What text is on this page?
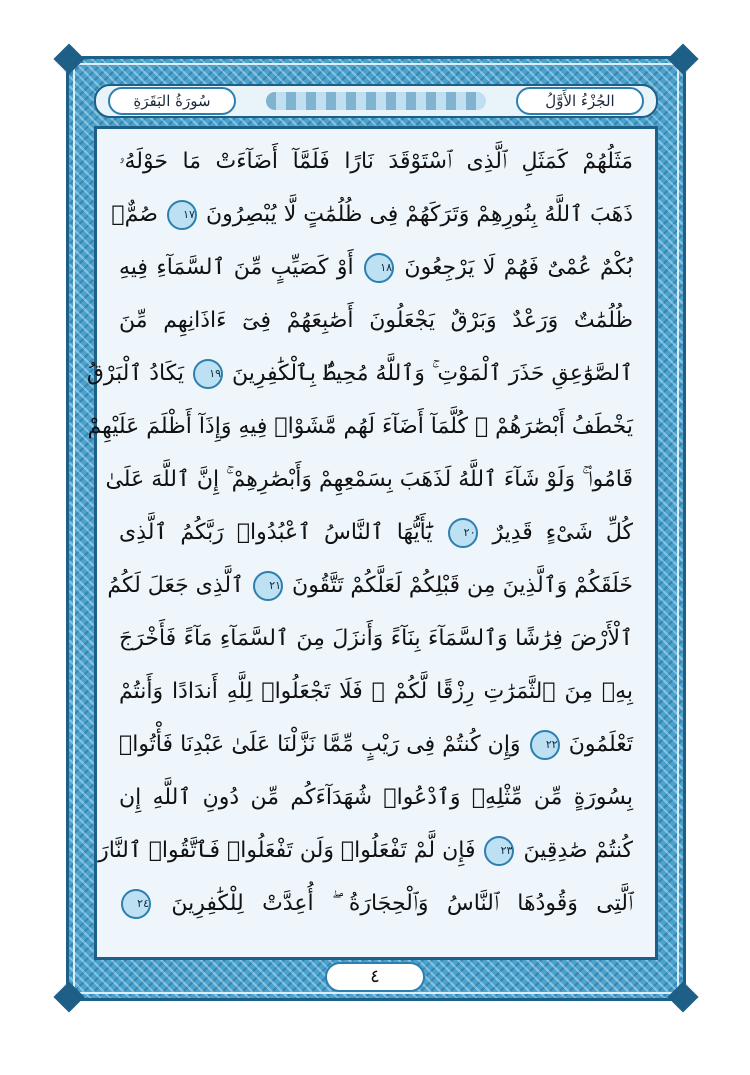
الجُزْءُ الأَوَّلُ
سُورَةُ البَقَرَةِ
مَثَلُهُمْ كَمَثَلِ ٱلَّذِى ٱسْتَوْقَدَ نَارًا فَلَمَّآ أَضَآءَتْ مَا حَوْلَهُۥ
ذَهَبَ ٱللَّهُ بِنُورِهِمْ وَتَرَكَهُمْ فِى ظُلُمَٰتٍ لَّا يُبْصِرُونَ ١٧ صُمٌّۢ
بُكْمٌ عُمْىٌ فَهُمْ لَا يَرْجِعُونَ ١٨ أَوْ كَصَيِّبٍ مِّنَ ٱلسَّمَآءِ فِيهِ
ظُلُمَٰتٌ وَرَعْدٌ وَبَرْقٌ يَجْعَلُونَ أَصَٰبِعَهُمْ فِىٓ ءَاذَانِهِم مِّنَ
ٱلصَّوَٰعِقِ حَذَرَ ٱلْمَوْتِ ۚ وَٱللَّهُ مُحِيطٌۢ بِٱلْكَٰفِرِينَ ١٩ يَكَادُ ٱلْبَرْقُ
يَخْطَفُ أَبْصَٰرَهُمْ ۖ كُلَّمَآ أَضَآءَ لَهُم مَّشَوْا۟ فِيهِ وَإِذَآ أَظْلَمَ عَلَيْهِمْ
قَامُوا۟ ۚ وَلَوْ شَآءَ ٱللَّهُ لَذَهَبَ بِسَمْعِهِمْ وَأَبْصَٰرِهِمْ ۚ إِنَّ ٱللَّهَ عَلَىٰ
كُلِّ شَىْءٍ قَدِيرٌ ٢٠ يَٰٓأَيُّهَا ٱلنَّاسُ ٱعْبُدُوا۟ رَبَّكُمُ ٱلَّذِى
خَلَقَكُمْ وَٱلَّذِينَ مِن قَبْلِكُمْ لَعَلَّكُمْ تَتَّقُونَ ٢١ ٱلَّذِى جَعَلَ لَكُمُ
ٱلْأَرْضَ فِرَٰشًا وَٱلسَّمَآءَ بِنَآءً وَأَنزَلَ مِنَ ٱلسَّمَآءِ مَآءً فَأَخْرَجَ
بِهِۦ مِنَ ٱلثَّمَرَٰتِ رِزْقًا لَّكُمْ ۖ فَلَا تَجْعَلُوا۟ لِلَّهِ أَندَادًا وَأَنتُمْ
تَعْلَمُونَ ٢٢ وَإِن كُنتُمْ فِى رَيْبٍ مِّمَّا نَزَّلْنَا عَلَىٰ عَبْدِنَا فَأْتُوا۟
بِسُورَةٍ مِّن مِّثْلِهِۦ وَٱدْعُوا۟ شُهَدَآءَكُم مِّن دُونِ ٱللَّهِ إِن
كُنتُمْ صَٰدِقِينَ ٢٣ فَإِن لَّمْ تَفْعَلُوا۟ وَلَن تَفْعَلُوا۟ فَٱتَّقُوا۟ ٱلنَّارَ
ٱلَّتِى وَقُودُهَا ٱلنَّاسُ وَٱلْحِجَارَةُ ۖ أُعِدَّتْ لِلْكَٰفِرِينَ ٢٤
٤
